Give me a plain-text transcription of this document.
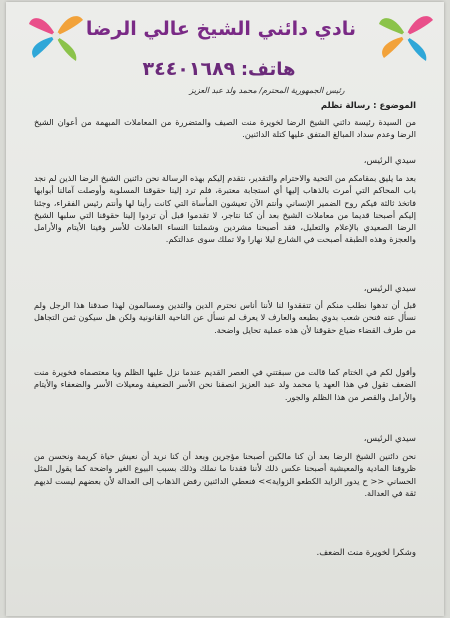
نادي دائني الشيخ عالي الرضا
هاتف: ٣٤٤٠١٦٨٩
رئيس الجمهورية المحترم/ محمد ولد عبد العزيز
الموضوع : رسالة تظلم

من السيدة رئيسة دائني الشيخ الرضا لخويرة منت الصيف والمتضررة من المعاملات المبهمة من أعوان الشيخ الرضا وعدم سداد المبالغ المتفق عليها كتلة الدائنين.

سيدي الرئيس،

بعد ما يليق بمقامكم من التحية والاحترام والتقدير، نتقدم إليكم بهذه الرسالة نحن دائنين الشيخ الرضا الذين لم نجد باب المحاكم التي أمرت بالذهاب إليها أي استجابة معتبرة، فلم ترد إلينا حقوقنا المسلوبة وأوصلت آمالنا أبوابها فاتخذ ثالثة فيكم روح الضمير الإنساني وأنتم الآن تعيشون المأساة التي كانت رأينا لها وأنتم رئيس الفقراء، وجئنا إليكم أصبحنا قديما من معاملات الشيخ بعد أن كنا نتاجر، لا تقدموا قبل أن تردوا إلينا حقوقنا التي سلبها الشيخ الرضا الصعيدي بالإعلام والتعليل، فقد أصبحنا مشردين وشملتنا النساء العاملات للأسر وفينا الأيتام والأرامل والعجزة وهذه الطبقة أصبحت في الشارع ليلا نهارا ولا تملك سوى عدالتكم.

سيدي الرئيس،

قبل أن تدهوا نطلب منكم أن تتفقدوا لنا لأننا أناس نحترم الدين والتدين ومسالمون لهذا صدقنا هذا الرجل ولم نسأل عنه فنحن شعب بدوي بطبعه والعارف لا يعرف لم نسأل عن الناحية القانونية ولكن هل سيكون ثمن التجاهل من طرف القضاء ضياع حقوقنا لأن هذه عملية تحايل واضحة.

وأقول لكم في الختام كما قالت من سبقتني في العصر القديم عندما نزل عليها الظلم ويا معتصماه فخويرة منت الضعف تقول في هذا العهد يا محمد ولد عبد العزيز انصفنا نحن الأسر الضعيفة ومعيلات الأسر والضعفاء والأيتام والأرامل والقصر من هذا الظلم والجور.

سيدي الرئيس،

نحن دائنين الشيخ الرضا بعد أن كنا مالكين أصبحنا مؤجرين وبعد أن كنا نريد أن نعيش حياة كريمة ونحسن من ظروفنا المادية والمعيشية أصبحنا عكس ذلك لأننا فقدنا ما نملك وذلك بسبب البيوع الغير واضحة كما يقول المثل الحساني << ح يدور الزايد الكطعو الزواية>> فنعطي الدائنين رفض الذهاب إلى العدالة لأن بعضهم ليست لديهم ثقة في العدالة.

وشكرا لخويرة منت الضعف.
